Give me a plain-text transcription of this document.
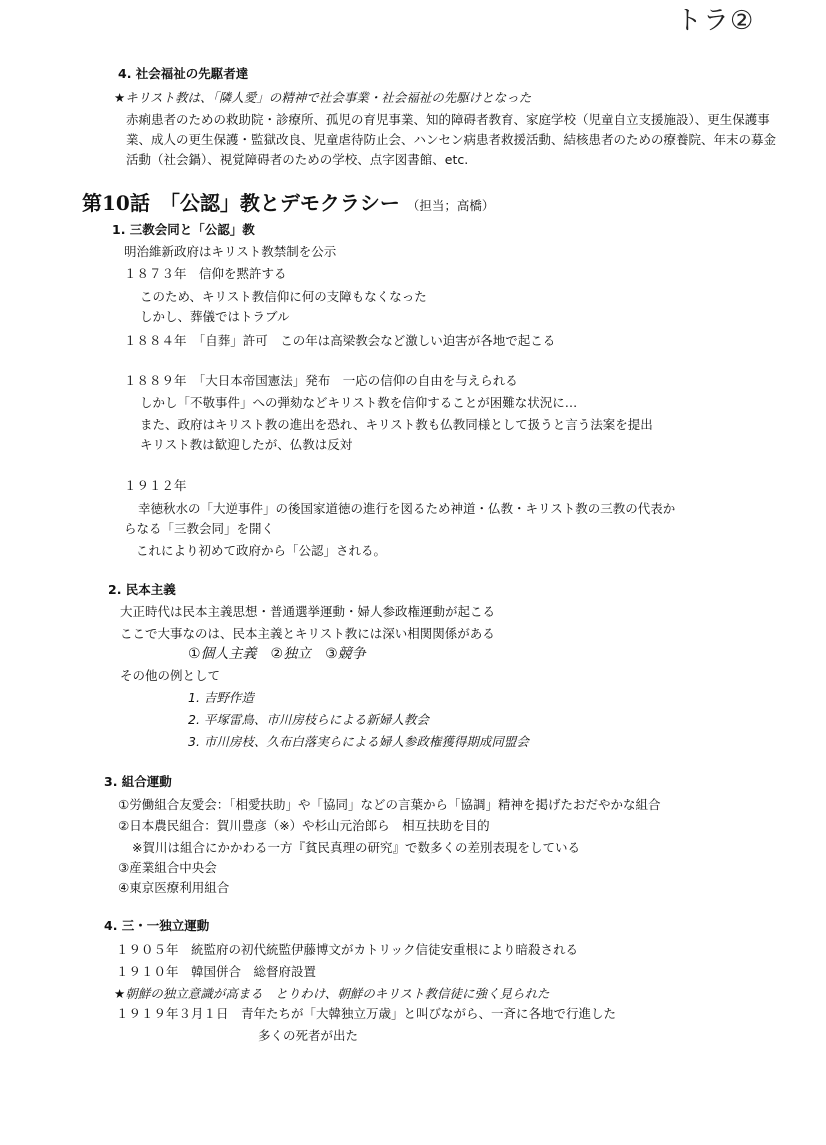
トラ②
4. 社会福祉の先駆者達
★キリスト教は、「隣人愛」の精神で社会事業・社会福祉の先駆けとなった
赤痢患者のための救助院・診療所、孤児の育児事業、知的障碍者教育、家庭学校（児童自立支援施設）、更生保護事業、成人の更生保護・監獄改良、児童虐待防止会、ハンセン病患者救援活動、結核患者のための療養院、年末の募金活動（社会鍋）、視覚障碍者のための学校、点字図書館、etc.
第10話　「公認」教とデモクラシー （担当；高橋）
1. 三教会同と「公認」教
明治維新政府はキリスト教禁制を公示
１８７３年　信仰を黙許する
このため、キリスト教信仰に何の支障もなくなった
しかし、葬儀ではトラブル
１８８４年　「自葬」許可　この年は高梁教会など激しい迫害が各地で起こる
１８８９年　「大日本帝国憲法」発布　一応の信仰の自由を与えられる
しかし「不敬事件」への弾劾などキリスト教を信仰することが困難な状況に…
また、政府はキリスト教の進出を恐れ、キリスト教も仏教同様として扱うと言う法案を提出
キリスト教は歓迎したが、仏教は反対
１９１２年
幸徳秋水の「大逆事件」の後国家道徳の進行を図るため神道・仏教・キリスト教の三教の代表か
らなる「三教会同」を開く
これにより初めて政府から「公認」される。
2. 民本主義
大正時代は民本主義思想・普通選挙運動・婦人参政権運動が起こる
ここで大事なのは、民本主義とキリスト教には深い相関関係がある
①個人主義　②独立　③競争
その他の例として
1. 吉野作造
2. 平塚雷鳥、市川房枝らによる新婦人教会
3. 市川房枝、久布白落実らによる婦人参政権獲得期成同盟会
3. 組合運動
①労働組合友愛会：「相愛扶助」や「協同」などの言葉から「協調」精神を掲げたおだやかな組合
②日本農民組合：賀川豊彦（※）や杉山元治郎ら　相互扶助を目的
※賀川は組合にかかわる一方『貧民真理の研究』で数多くの差別表現をしている
③産業組合中央会
④東京医療利用組合
4. 三・一独立運動
１９０５年　統監府の初代統監伊藤博文がカトリック信徒安重根により暗殺される
１９１０年　韓国併合　総督府設置
★朝鮮の独立意識が高まる　とりわけ、朝鮮のキリスト教信徒に強く見られた
１９１９年３月１日　青年たちが「大韓独立万歳」と叫びながら、一斉に各地で行進した
多くの死者が出た
